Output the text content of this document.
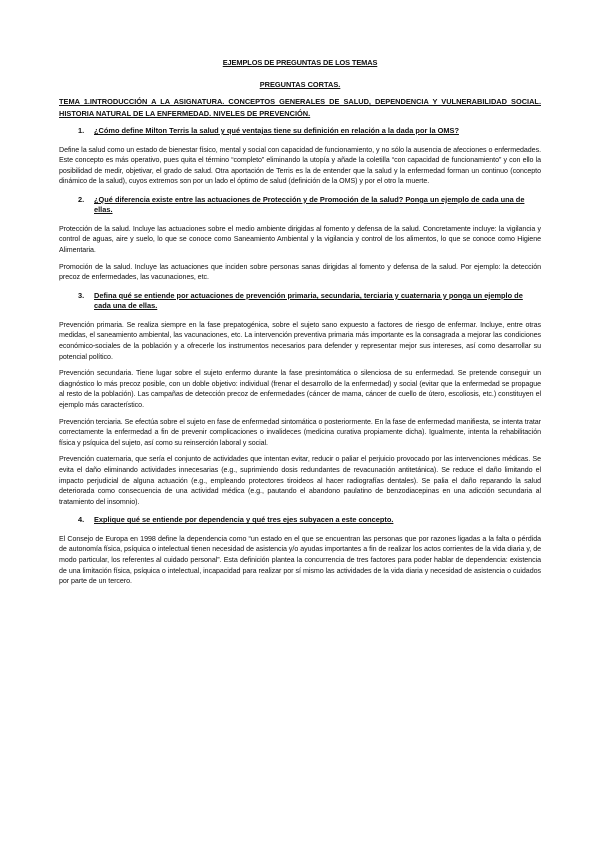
EJEMPLOS DE PREGUNTAS DE LOS TEMAS

PREGUNTAS CORTAS.

TEMA 1.INTRODUCCIÓN A LA ASIGNATURA. CONCEPTOS GENERALES DE SALUD, DEPENDENCIA Y VULNERABILIDAD SOCIAL. HISTORIA NATURAL DE LA ENFERMEDAD. NIVELES DE PREVENCIÓN.

1.	¿Cómo define Milton Terris la salud y qué ventajas tiene su definición en relación a la dada por la OMS?

Define la salud como un estado de bienestar físico, mental y social con capacidad de funcionamiento, y no sólo la ausencia de afecciones o enfermedades. Este concepto es más operativo, pues quita el término “completo” eliminando la utopía y añade la coletilla “con capacidad de funcionamiento” y con ello la posibilidad de medir, objetivar, el grado de salud. Otra aportación de Terris es la de entender que la salud y la enfermedad forman un continuo (concepto dinámico de la salud), cuyos extremos son por un lado el óptimo de salud (definición de la OMS) y por el otro la muerte.

2.	¿Qué diferencia existe entre las actuaciones de Protección y de Promoción de la salud? Ponga un ejemplo de cada una de ellas.

Protección de la salud. Incluye las actuaciones sobre el medio ambiente dirigidas al fomento y defensa de la salud. Concretamente incluye: la vigilancia y control de aguas, aire y suelo, lo que se conoce como Saneamiento Ambiental y la vigilancia y control de los alimentos, lo que se conoce como Higiene Alimentaria.

Promoción de la salud. Incluye las actuaciones que inciden sobre personas sanas dirigidas al fomento y defensa de la salud. Por ejemplo: la detección precoz de enfermedades, las vacunaciones, etc.

3.	Defina qué se entiende por actuaciones de prevención primaria, secundaria, terciaria y cuaternaria y ponga un ejemplo de cada una de ellas.

Prevención primaria. Se realiza siempre en la fase prepatogénica, sobre el sujeto sano expuesto a factores de riesgo de enfermar. Incluye, entre otras medidas, el saneamiento ambiental, las vacunaciones, etc. La intervención preventiva primaria más importante es la consagrada a mejorar las condiciones económico-sociales de la población y a ofrecerle los instrumentos necesarios para defender y representar mejor sus intereses, así como desarrollar su potencial político.

Prevención secundaria. Tiene lugar sobre el sujeto enfermo durante la fase presintomática o silenciosa de su enfermedad. Se pretende conseguir un diagnóstico lo más precoz posible, con un doble objetivo: individual (frenar el desarrollo de la enfermedad) y social (evitar que la enfermedad se propague al resto de la población). Las campañas de detección precoz de enfermedades (cáncer de mama, cáncer de cuello de útero, escoliosis, etc.) constituyen el ejemplo más característico.

Prevención terciaria. Se efectúa sobre el sujeto en fase de enfermedad sintomática o posteriormente. En la fase de enfermedad manifiesta, se intenta tratar correctamente la enfermedad a fin de prevenir complicaciones o invalideces (medicina curativa propiamente dicha). Igualmente, intenta la rehabilitación física y psíquica del sujeto, así como su reinserción laboral y social.

Prevención cuaternaria, que sería el conjunto de actividades que intentan evitar, reducir o paliar el perjuicio provocado por las intervenciones médicas. Se evita el daño eliminando actividades innecesarias (e.g., suprimiendo dosis redundantes de revacunación antitetánica). Se reduce el daño limitando el impacto perjudicial de alguna actuación (e.g., empleando protectores tiroideos al hacer radiografías dentales). Se palia el daño reparando la salud deteriorada como consecuencia de una actividad médica (e.g., pautando el abandono paulatino de benzodiacepinas en una adicción secundaria al tratamiento del insomnio).

4.	Explique qué se entiende por dependencia y qué tres ejes subyacen a este concepto.

El Consejo de Europa en 1998 define la dependencia como “un estado en el que se encuentran las personas que por razones ligadas a la falta o pérdida de autonomía física, psíquica o intelectual tienen necesidad de asistencia y/o ayudas importantes a fin de realizar los actos corrientes de la vida diaria y, de modo particular, los referentes al cuidado personal”. Esta definición plantea la concurrencia de tres factores para poder hablar de dependencia: existencia de una limitación física, psíquica o intelectual, incapacidad para realizar por sí mismo las actividades de la vida diaria y necesidad de asistencia o cuidados por parte de un tercero.
